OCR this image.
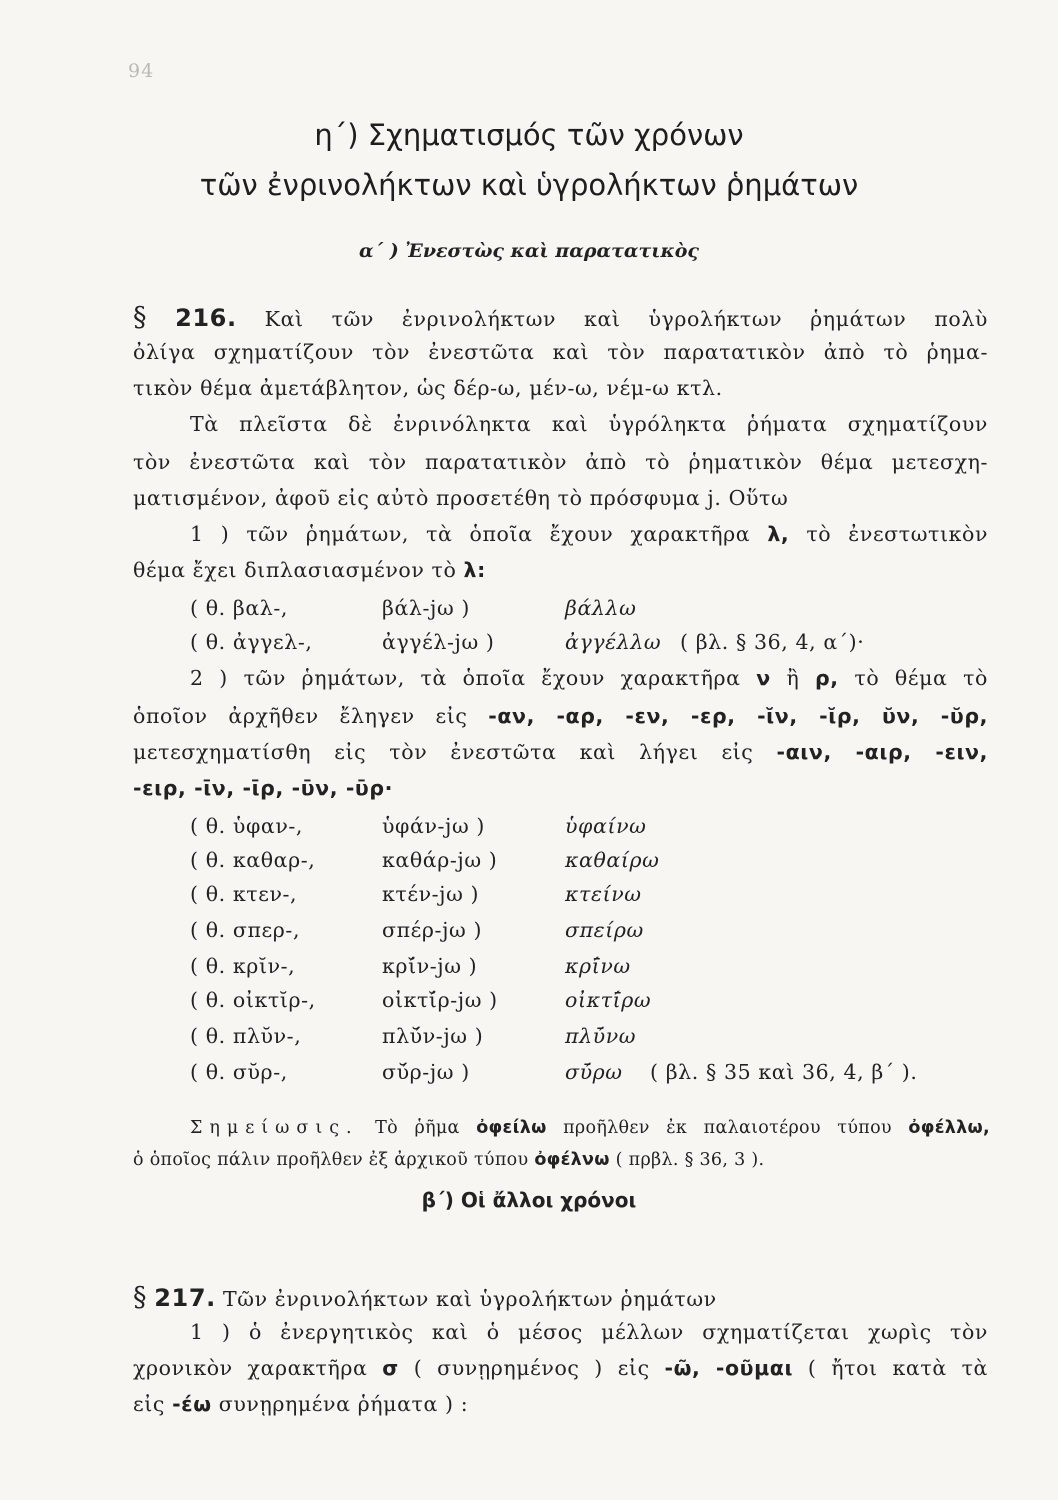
94
η΄) Σχηματισμός τῶν χρόνων
τῶν ἐνρινολήκτων καὶ ὑγρολήκτων ῥημάτων
α΄ ) Ἐνεστὼς καὶ παρατατικὸς
§ 216. Καὶ τῶν ἐνρινολήκτων καὶ ὑγρολήκτων ῥημάτων πολὺ
ὀλίγα σχηματίζουν τὸν ἐνεστῶτα καὶ τὸν παρατατικὸν ἀπὸ τὸ ῥημα-
τικὸν θέμα ἀμετάβλητον, ὡς δέρ-ω, μέν-ω, νέμ-ω κτλ.
Τὰ πλεῖστα δὲ ἐνρινόληκτα καὶ ὑγρόληκτα ῥήματα σχηματίζουν
τὸν ἐνεστῶτα καὶ τὸν παρατατικὸν ἀπὸ τὸ ῥηματικὸν θέμα μετεσχη-
ματισμένον, ἀφοῦ εἰς αὐτὸ προσετέθη τὸ πρόσφυμα j. Οὕτω
1 ) τῶν ῥημάτων, τὰ ὁποῖα ἔχουν χαρακτῆρα λ, τὸ ἐνεστωτικὸν
θέμα ἔχει διπλασιασμένον τὸ λ:
( θ. βαλ-,	βάλ-jω )	βάλλω
( θ. ἀγγελ-,	ἀγγέλ-jω )	ἀγγέλλω ( βλ. § 36, 4, α΄)·
2 ) τῶν ῥημάτων, τὰ ὁποῖα ἔχουν χαρακτῆρα ν ἢ ρ, τὸ θέμα τὸ
ὁποῖον ἀρχῆθεν ἔληγεν εἰς -αν, -αρ, -εν, -ερ, -ῐν, -ῐρ, ῠν, -ῠρ,
μετεσχηματίσθη εἰς τὸν ἐνεστῶτα καὶ λήγει εἰς -αιν, -αιρ, -ειν,
-ειρ, -ῑν, -ῑρ, -ῡν, -ῡρ·
( θ. ὑφαν-,	ὑφάν-jω )	ὑφαίνω
( θ. καθαρ-,	καθάρ-jω )	καθαίρω
( θ. κτεν-,	κτέν-jω )	κτείνω
( θ. σπερ-,	σπέρ-jω )	σπείρω
( θ. κρῐν-,	κρῐ́ν-jω )	κρῑ́νω
( θ. οἰκτῐρ-,	οἰκτῐ́ρ-jω )	οἰκτῑ́ρω
( θ. πλῠν-,	πλῠ́ν-jω )	πλῡ́νω
( θ. σῠρ-,	σῠ́ρ-jω )	σῡ́ρω ( βλ. § 35 καὶ 36, 4, β΄ ).
Σημείωσις. Τὸ ῥῆμα ὀφείλω προῆλθεν ἐκ παλαιοτέρου τύπου ὀφέλλω,
ὁ ὁποῖος πάλιν προῆλθεν ἐξ ἀρχικοῦ τύπου ὀφέλνω ( πρβλ. § 36, 3 ).
β΄) Οἱ ἄλλοι χρόνοι
§ 217. Τῶν ἐνρινολήκτων καὶ ὑγρολήκτων ῥημάτων
1 ) ὁ ἐνεργητικὸς καὶ ὁ μέσος μέλλων σχηματίζεται χωρὶς τὸν
χρονικὸν χαρακτῆρα σ ( συνῃρημένος ) εἰς -ῶ, -οῦμαι ( ἤτοι κατὰ τὰ
εἰς -έω συνῃρημένα ῥήματα ) :
